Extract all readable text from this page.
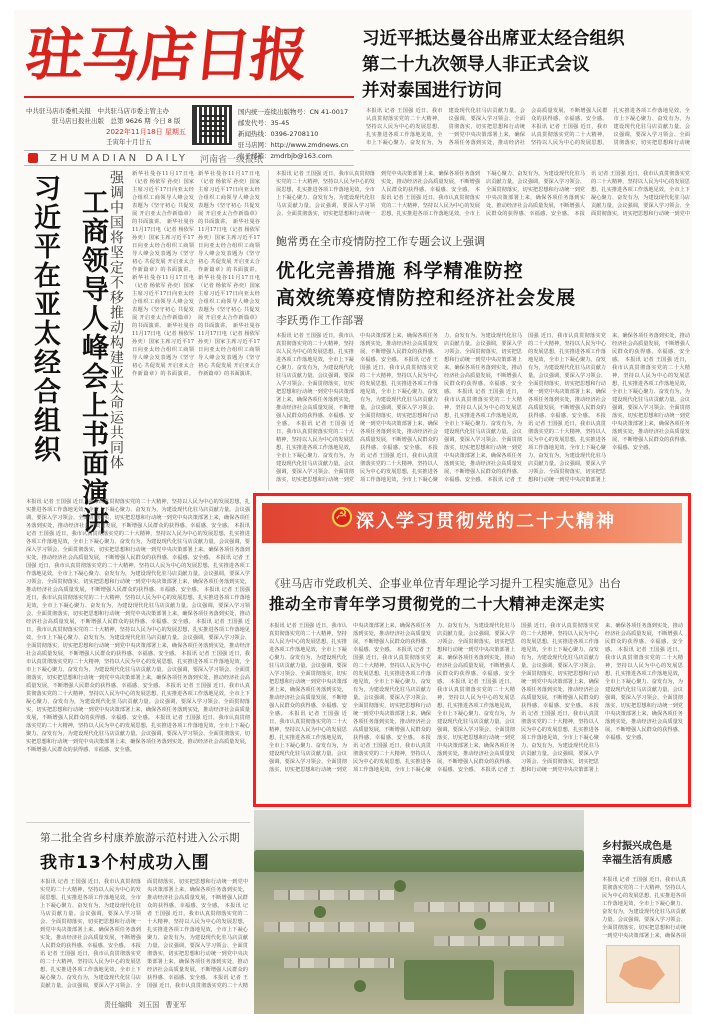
驻马店日报	习近平抵达曼谷出席亚太经合组织
第二十九次领导人非正式会议
并对泰国进行访问
中共驻马店市委机关报　中共驻马店市委主管主办
驻马店日报社出版　总第 9626 期 今日 8 版
2022年11月18日 星期五
壬寅年十月廿五
国内统一连续出版物号：CN 41-0017
邮发代号：35-45
新闻热线：0396-2708110
驻马店网：http://www.zmdnews.cn
电子邮箱：zmdrbjb@163.com
ZHUMADIAN DAILY 河南省一级报纸
本报讯 记者 王国强 近日，我市认真贯彻落实党的二十大精神，坚持以人民为中心的发展思想，扎实推进各项工作落地见效，全市上下凝心聚力、奋发有为，为建设现代化驻马店贡献力量。会议强调，要深入学习领会、全面贯彻落实，切实把思想和行动统一到党中央决策部署上来，确保各项任务落到实处，推动经济社会高质量发展，不断增强人民群众的获得感、幸福感、安全感。 本报讯 记者 王国强 近日，我市认真贯彻落实党的二十大精神，坚持以人民为中心的发展思想，扎实推进各项工作落地见效，全市上下凝心聚力、奋发有为，为建设现代化驻马店贡献力量。会议强调，要深入学习领会、全面贯彻落实，切实把思想和行动统
习近平在亚太经合组织 工商领导人峰会上书面演讲 强调中国将坚定不移推动构建亚太命运共同体 新华社曼谷11月17日电（记者 杨依军 孙奕）国家主席习近平17日向亚太经合组织工商领导人峰会发表题为《坚守初心 共促发展 开启亚太合作新篇章》的书面演讲。 新华社曼谷11月17日电（记者 杨依军 孙奕）国家主席习近平17日向亚太经合组织工商领导人峰会发表题为《坚守初心 共促发展 开启亚太合作新篇章》的书面演讲。 新华社曼谷11月17日电（记者 杨依军 孙奕）国家主席习近平17日向亚太经合组织工商领导人峰会发表题为《坚守初心 共促发展 开启亚太合作新篇章》的书面演讲。 新华社曼谷11月17日电（记者 杨依军 孙奕）国家主席习近平17日向亚太经合组织工商领导人峰会发表题为《坚守初心 共促发展 开启亚太合作新篇章》的书面演讲。 新华社曼谷11月17日电（记者 杨依军 孙奕）国家主席习近平17日向亚太经合组织工商领导人峰会发表题为《坚守初心 共促发展 开启亚太合作新篇章》的书面演讲。 新华社曼谷11月17日电（记者 杨依军 孙奕）国家主席习近平17日向亚太经合组织工商领导人峰会发表题为《坚守初心 共促发展 开启亚太合作新篇章》的书面演讲。 新华社曼谷11月17日电（记者 杨依军 孙奕）国家主席习近平17日向亚太经合组织工商领导人峰会发表题为《坚守初心 共促发展 开启亚太合作新篇章》的书面演讲。 新华社曼谷11月17日电（记者 杨依军 孙奕）国家主席习近平17日向亚太经合组织工商领导人峰会发表题为《坚守初心 共促发展 开启亚太合作新篇章》的书面演讲。
本报讯 记者 王国强 近日，我市认真贯彻落实党的二十大精神，坚持以人民为中心的发展思想，扎实推进各项工作落地见效，全市上下凝心聚力、奋发有为，为建设现代化驻马店贡献力量。会议强调，要深入学习领会、全面贯彻落实，切实把思想和行动统一到党中央决策部署上来，确保各项任务落到实处，推动经济社会高质量发展，不断增强人民群众的获得感、幸福感、安全感。 本报讯 记者 王国强 近日，我市认真贯彻落实党的二十大精神，坚持以人民为中心的发展思想，扎实推进各项工作落地见效，全市上下凝心聚力、奋发有为，为建设现代化驻马店贡献力量。会议强调，要深入学习领会、全面贯彻落实，切实把思想和行动统一到党中央决策部署上来，确保各项任务落到实处，推动经济社会高质量发展，不断增强人民群众的获得感、幸福感、安全感。 本报讯 记者 王国强 近日，我市认真贯彻落实党的二十大精神，坚持以人民为中心的发展思想，扎实推进各项工作落地见效，全市上下凝心聚力、奋发有为，为建设现代化驻马店贡献力量。会议强调，要深入学习领会、全面贯彻落实，切实把思想和行动统一到党中央决策部署上来，确保各项任务落到实处，推动经济社会高质量发展，不断增强人民群众的获得感、幸福感、安全感。 本报讯 记者 王国强 近日，我市认真贯彻落实党的二十大精神，坚持以人民为中心的发展思想，扎实推进各项工作落地见效，全市上下凝心聚力、奋发有为，为建设现代化驻马店贡献力量。会议强调，要深入学习领会、全面贯彻落实，切实把思想和行动统一到党中央决策部署上来，确保各项任务落到实处，推动经济社会高质量发展，不断增强人民群众的获得感、幸福感、安全感。 本报讯 记者 王国强 近日，我市认真贯彻落实党的二十大精神，坚持以人民为中心的发展思想，扎实推进各项工作落地见效，全市上下凝心聚力、奋发有为，为建设现代化驻马店贡献力量。会议强调，要深入学习领会、全面贯彻落实，切实把思想和行动统一到党中央决策部署上来，确保各项任务落到实处，推动经济社会高质量发展，不断增强人民群众的获得感、幸福感、安全感。 本报讯 记者 王国强 近日，我市认真贯彻落实党的二十大精神，坚持以人民为中心的发展思想，扎实推进各项工作落地见效，全市上下凝心聚力、奋发有为，为建设现代化驻马店贡献力量。会议强调，要深入学习领会、全面贯彻落实，切实把思想和行动统一到党中央决策部署上来，确保各项任务落到实处，推动经济社会高质量发展，不断增强人民群众的获得感、幸福感、安全感。 本报讯 记者 王国强 近日，我市认真贯彻落实党的二十大精神，坚持以人民为中心的发展思想，扎实推进各项工作落地见效，全市上下凝心聚力、奋发有为，为建设现代化驻马店贡献力量。会议强调，要深入学习领会、全面贯彻落实，切实把思想和行动统一到党中央决策部署上来，确保各项任务落到实处，推动经济社会高质量发展，不断增强人民群众的获得感、幸福感、安全感。 本报讯 记者 王国强 近日，我市认真贯彻落实党的二十大精神，坚持以人民为中心的发展思想，扎实推进各项工作落地见效，全市上下凝心聚力、奋发有为，为建设现代化驻马店贡献力量。会议强调，要深入学习领会、全面贯彻落实，切实把思想和行动统一到党中央决策部署上来，确保各项任务落到实处，推动经济社会高质量发展，不断增强人民群众的获得感、幸福感、安全感。
鲍常勇在全市疫情防控工作专题会议上强调
优化完善措施 科学精准防控
高效统筹疫情防控和经济社会发展
李跃勇作工作部署
本报讯 记者 王国强 近日，我市认真贯彻落实党的二十大精神，坚持以人民为中心的发展思想，扎实推进各项工作落地见效，全市上下凝心聚力、奋发有为，为建设现代化驻马店贡献力量。会议强调，要深入学习领会、全面贯彻落实，切实把思想和行动统一到党中央决策部署上来，确保各项任务落到实处，推动经济社会高质量发展，不断增强人民群众的获得感、幸福感、安全感。 本报讯 记者 王国强 近日，我市认真贯彻落实党的二十大精神，坚持以人民为中心的发展思想，扎实推进各项工作落地见效，全市上下凝心聚力、奋发有为，为建设现代化驻马店贡献力量。会议强调，要深入学习领会、全面贯彻落实，切实把思想和行动统一到党中央决策部署上来，确保各项任务落到实处，推动经济社会高质量发展，不断增强人民群众的获得感、幸福感、安全感。 本报讯 记者 王国强 近日，我市认真贯彻落实党的二十大精神，坚持以人民为中心的发展思想，扎实推进各项工作落地见效，全市上下凝心聚力、奋发有为，为建设现代化驻马店贡献力量。会议强调，要深入学习领会、全面贯彻落实，切实把思想和行动统一到党中
本报讯 记者 王国强 近日，我市认真贯彻落实党的二十大精神，坚持以人民为中心的发展思想，扎实推进各项工作落地见效，全市上下凝心聚力、奋发有为，为建设现代化驻马店贡献力量。会议强调，要深入学习领会、全面贯彻落实，切实把思想和行动统一到党中央决策部署上来，确保各项任务落到实处，推动经济社会高质量发展，不断增强人民群众的获得感、幸福感、安全感。 本报讯 记者 王国强 近日，我市认真贯彻落实党的二十大精神，坚持以人民为中心的发展思想，扎实推进各项工作落地见效，全市上下凝心聚力、奋发有为，为建设现代化驻马店贡献力量。会议强调，要深入学习领会、全面贯彻落实，切实把思想和行动统一到党中央决策部署上来，确保各项任务落到实处，推动经济社会高质量发展，不断增强人民群众的获得感、幸福感、安全感。 本报讯 记者 王国强 近日，我市认真贯彻落实党的二十大精神，坚持以人民为中心的发展思想，扎实推进各项工作落地见效，全市上下凝心聚力、奋发有为，为建设现代化驻马店贡献力量。会议强调，要深入学习领会、全面贯彻落实，切实把思想和行动统一到党中央决策部署上来，确保各项任务落到实处，推动经济社会高质量发展，不断增强人民群众的获得感、幸福感、安全感。 本报讯 记者 王国强 近日，我市认真贯彻落实党的二十大精神，坚持以人民为中心的发展思想，扎实推进各项工作落地见效，全市上下凝心聚力、奋发有为，为建设现代化驻马店贡献力量。会议强调，要深入学习领会、全面贯彻落实，切实把思想和行动统一到党中央决策部署上来，确保各项任务落到实处，推动经济社会高质量发展，不断增强人民群众的获得感、幸福感、安全感。 本报讯 记者 王国强 近日，我市认真贯彻落实党的二十大精神，坚持以人民为中心的发展思想，扎实推进各项工作落地见效，全市上下凝心聚力、奋发有为，为建设现代化驻马店贡献力量。会议强调，要深入学习领会、全面贯彻落实，切实把思想和行动统一到党中央决策部署上来，确保各项任务落到实处，推动经济社会高质量发展，不断增强人民群众的获得感、幸福感、安全感。 本报讯 记者 王国强 近日，我市认真贯彻落实党的二十大精神，坚持以人民为中心的发展思想，扎实推进各项工作落地见效，全市上下凝心聚力、奋发有为，为建设现代化驻马店贡献力量。会议强调，要深入学习领会、全面贯彻落实，切实把思想和行动统一到党中央决策部署上来，确保各项任务落到实处，推动经济社会高质量发展，不断增强人民群众的获得感、幸福感、安全感。 本报讯 记者 王国强 近日，我市认真贯彻落实党的二十大精神，坚持以人民为中心的发展思想，扎实推进各项工作落地见效，全市上下凝心聚力、奋发有为，为建设现代化驻马店贡献力量。会议强调，要深入学习领会、全面贯彻落实，切实把思想和行动统一到党中央决策部署上来，确保各项任务落到实处，推动经济社会高质量发展，不断增强人民群众的获得感、幸福感、安全感。 本报讯 记者 王国强 近日，我市认真贯彻落实党的二十大精神，坚持以人民为中心的发展思想，扎实推进各项工作落地见效，全市上下凝心聚力、奋发有为，为建设现代化驻马店贡献力量。会议强调，要深入学习领会、全面贯彻落实，切实把思想和行动统一到党中央决策部署上来，确保各项任务落到实处，推动经济社会高质量发展，不断增强人民群众的获得感、幸福感、安全感。
☭
深入学习贯彻党的二十大精神
《驻马店市党政机关、企事业单位青年理论学习提升工程实施意见》出台
推动全市青年学习贯彻党的二十大精神走深走实
本报讯 记者 王国强 近日，我市认真贯彻落实党的二十大精神，坚持以人民为中心的发展思想，扎实推进各项工作落地见效，全市上下凝心聚力、奋发有为，为建设现代化驻马店贡献力量。会议强调，要深入学习领会、全面贯彻落实，切实把思想和行动统一到党中央决策部署上来，确保各项任务落到实处，推动经济社会高质量发展，不断增强人民群众的获得感、幸福感、安全感。 本报讯 记者 王国强 近日，我市认真贯彻落实党的二十大精神，坚持以人民为中心的发展思想，扎实推进各项工作落地见效，全市上下凝心聚力、奋发有为，为建设现代化驻马店贡献力量。会议强调，要深入学习领会、全面贯彻落实，切实把思想和行动统一到党中央决策部署上来，确保各项任务落到实处，推动经济社会高质量发展，不断增强人民群众的获得感、幸福感、安全感。 本报讯 记者 王国强 近日，我市认真贯彻落实党的二十大精神，坚持以人民为中心的发展思想，扎实推进各项工作落地见效，全市上下凝心聚力、奋发有为，为建设现代化驻马店贡献力量。会议强调，要深入学习领会、全面贯彻落实，切实把思想和行动统一到党中央决策部署上来，确保各项任务落到实处，推动经济社会高质量发展，不断增强人民群众的获得感、幸福感、安全感。 本报讯 记者 王国强 近日，我市认真贯彻落实党的二十大精神，坚持以人民为中心的发展思想，扎实推进各项工作落地见效，全市上下凝心聚力、奋发有为，为建设现代化驻马店贡献力量。会议强调，要深入学习领会、全面贯彻落实，切实把思想和行动统一到党中央决策部署上来，确保各项任务落到实处，推动经济社会高质量发展，不断增强人民群众的获得感、幸福感、安全感。 本报讯 记者 王国强 近日，我市认真贯彻落实党的二十大精神，坚持以人民为中心的发展思想，扎实推进各项工作落地见效，全市上下凝心聚力、奋发有为，为建设现代化驻马店贡献力量。会议强调，要深入学习领会、全面贯彻落实，切实把思想和行动统一到党中央决策部署上来，确保各项任务落到实处，推动经济社会高质量发展，不断增强人民群众的获得感、幸福感、安全感。 本报讯 记者 王国强 近日，我市认真贯彻落实党的二十大精神，坚持以人民为中心的发展思想，扎实推进各项工作落地见效，全市上下凝心聚力、奋发有为，为建设现代化驻马店贡献力量。会议强调，要深入学习领会、全面贯彻落实，切实把思想和行动统一到党中央决策部署上来，确保各项任务落到实处，推动经济社会高质量发展，不断增强人民群众的获得感、幸福感、安全感。 本报讯 记者 王国强 近日，我市认真贯彻落实党的二十大精神，坚持以人民为中心的发展思想，扎实推进各项工作落地见效，全市上下凝心聚力、奋发有为，为建设现代化驻马店贡献力量。会议强调，要深入学习领会、全面贯彻落实，切实把思想和行动统一到党中央决策部署上来，确保各项任务落到实处，推动经济社会高质量发展，不断增强人民群众的获得感、幸福感、安全感。 本报讯 记者 王国强 近日，我市认真贯彻落实党的二十大精神，坚持以人民为中心的发展思想，扎实推进各项工作落地见效，全市上下凝心聚力、奋发有为，为建设现代化驻马店贡献力量。会议强调，要深入学习领会、全面贯彻落实，切实把思想和行动统一到党中央决策部署上来，确保各项任务落到实处，推动经济社会高质量发展，不断增强人民群众的获得感、幸福感、安全感。
第二批全省乡村康养旅游示范村进入公示期
我市13个村成功入围
本报讯 记者 王国强 近日，我市认真贯彻落实党的二十大精神，坚持以人民为中心的发展思想，扎实推进各项工作落地见效，全市上下凝心聚力、奋发有为，为建设现代化驻马店贡献力量。会议强调，要深入学习领会、全面贯彻落实，切实把思想和行动统一到党中央决策部署上来，确保各项任务落到实处，推动经济社会高质量发展，不断增强人民群众的获得感、幸福感、安全感。 本报讯 记者 王国强 近日，我市认真贯彻落实党的二十大精神，坚持以人民为中心的发展思想，扎实推进各项工作落地见效，全市上下凝心聚力、奋发有为，为建设现代化驻马店贡献力量。会议强调，要深入学习领会、全面贯彻落实，切实把思想和行动统一到党中央决策部署上来，确保各项任务落到实处，推动经济社会高质量发展，不断增强人民群众的获得感、幸福感、安全感。 本报讯 记者 王国强 近日，我市认真贯彻落实党的二十大精神，坚持以人民为中心的发展思想，扎实推进各项工作落地见效，全市上下凝心聚力、奋发有为，为建设现代化驻马店贡献力量。会议强调，要深入学习领会、全面贯彻落实，切实把思想和行动统一到党中央决策部署上来，确保各项任务落到实处，推动经济社会高质量发展，不断增强人民群众的获得感、幸福感、安全感。 本报讯 记者 王国强 近日，我市认真贯彻落实党的二十大精
乡村振兴成色是
幸福生活有质感
本报讯 记者 王国强 近日，我市认真贯彻落实党的二十大精神，坚持以人民为中心的发展思想，扎实推进各项工作落地见效，全市上下凝心聚力、奋发有为，为建设现代化驻马店贡献力量。会议强调，要深入学习领会、全面贯彻落实，切实把思想和行动统一到党中央决策部署上来，确保各项
责任编辑 刘玉国 曹亚军
